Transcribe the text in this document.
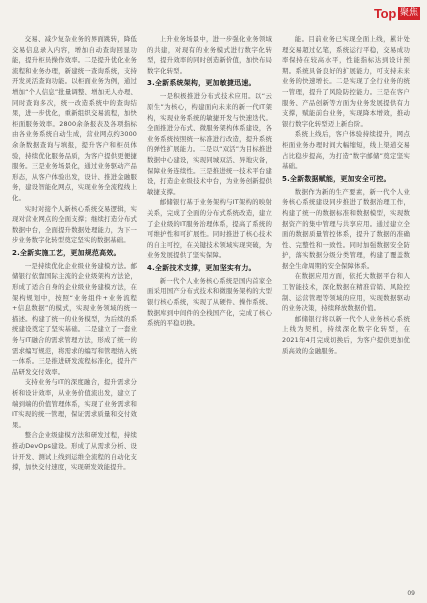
Top 聚焦

交易、减少复杂业务的界面跳转，降低交易信息录入内容，增加自动查询回显功能，提升柜员操作效率。二是提升优化业务流程和业务办理，新建统一查询系统，支持开发灵活查询功能。以柜面业务为例，通过增加“个人信息”批量调整、增加无人办理、同时查询多次，统一改造系统中的查询结果，进一步优化，重新组织交易流程，加快柜面服务效率。2800余条报表及各项指标由各业务系统自动生成，营业网点约3000余条数据查询与填报，提升客户和柜员体验，持续优化服务品质，为客户提供更便捷服务。三是业务场景化，通过业务驱动产品形态，从客户体验出发，设计、推进金融服务，建设智能化网点，实现业务全流程线上化。

实时对接个人新核心系统交易逻辑，实现对营业网点的全面支撑；继续打造分布式数据中台，全面提升数据处理能力，为下一步业务数字化转型奠定坚实的数据基础。

2.全新实施工艺，更加规范高效。

一是持续优化企业级业务建模方法。邮储银行依靠国际主流的企业级架构方法论，形成了适合自身的企业级业务建模方法，在架构规划中，按照“业务组件+业务流程+信息数据”的模式，实现业务领域的统一描述。构建了统一的业务模型，为后续的系统建设奠定了坚实基础。二是建立了一套业务与IT融合的需求管理方法，形成了统一的需求编写规范，将需求的编写和管理纳入统一体系。三是推进研发流程标准化，提升产品研发交付效率。

支持业务与IT的深度融合，提升需求分析和设计效率，从业务价值流出发，建立了端到端的价值管理体系，实现了业务需求和IT实现的统一管理，保证需求质量和交付效果。

整合企业级建模方法和研发过程，持续推动DevOps建设。形成了从需求分析、设计开发、测试上线到运维全流程的自动化支撑，加快交付速度，实现研发效能提升。

上升业务场景中，进一步强化业务领域的共建，对现有的业务模式进行数字化转型，提升效率的同时创造新价值，加快布局数字化转型。

3.全新系统架构，更加敏捷迅速。

一是积极推进分布式技术应用。以“云原生”为核心，构建面向未来的新一代IT架构，实现业务系统的敏捷开发与快速迭代。全面推进分布式、微服务架构体系建设，各业务系统按照统一标准进行改造，提升系统的弹性扩展能力。二是以“双活”为目标推进数据中心建设，实现同城双活、异地灾备，保障业务连续性。三是推进统一技术平台建设，打造企业级技术中台，为业务创新提供敏捷支撑。

邮储银行基于业务架构与IT架构的映射关系，完成了全面的分布式系统改造，建立了企业级的IT服务治理体系，提高了系统的可维护性和可扩展性。同时推进了核心技术的自主可控，在关键技术领域实现突破，为业务发展提供了坚实保障。

4.全新技术支撑，更加坚实有力。

新一代个人业务核心系统是国内首家全面采用国产分布式技术和微服务架构的大型银行核心系统，实现了从硬件、操作系统、数据库到中间件的全栈国产化，完成了核心系统的平稳切换。

能。目前业务已实现全面上线，累计处理交易超过亿笔，系统运行平稳，交易成功率保持在较高水平，性能指标达到设计预期。系统具备良好的扩展能力，可支持未来业务的快速增长。二是实现了全行业务的统一管理，提升了风险防控能力。三是在客户服务、产品创新等方面为业务发展提供有力支撑，赋能前台业务，实现降本增效，推动银行数字化转型迈上新台阶。

系统上线后，客户体验持续提升，网点柜面业务办理时间大幅缩短，线上渠道交易占比稳步提高，为打造“数字邮储”奠定坚实基础。

5.全新数据赋能，更加安全可控。

数据作为新的生产要素，新一代个人业务核心系统建设同步推进了数据治理工作，构建了统一的数据标准和数据模型，实现数据资产的集中管理与共享应用。通过建立全面的数据质量管控体系，提升了数据的准确性、完整性和一致性。同时加强数据安全防护，落实数据分级分类管理，构建了覆盖数据全生命周期的安全保障体系。

在数据应用方面，依托大数据平台和人工智能技术，深化数据在精准营销、风险控制、运营管理等领域的应用，实现数据驱动的业务决策，持续释放数据价值。

邮储银行将以新一代个人业务核心系统上线为契机，持续深化数字化转型，在2021年4月完成切换后，为客户提供更加优质高效的金融服务。

09
